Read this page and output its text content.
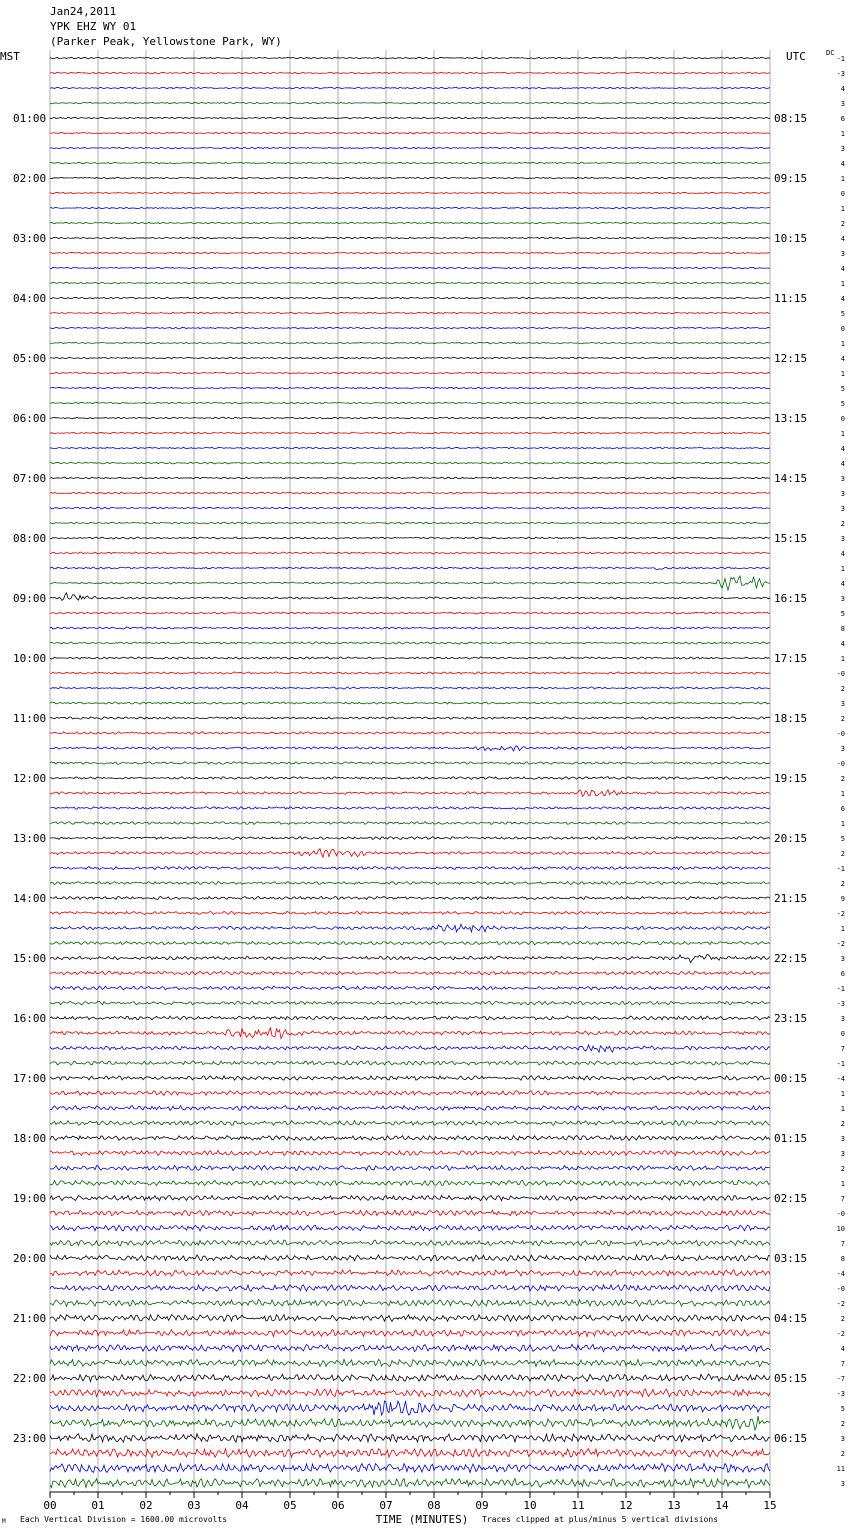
Jan24,2011
YPK EHZ WY 01
(Parker Peak, Yellowstone Park, WY)
MST	UTC	DC
00	01	02	03	04	05	06	07	08	09	10	11	12	13	14	15
01:00
02:00
03:00
04:00
05:00
06:00
07:00
08:00
09:00
10:00
11:00
12:00
13:00
14:00
15:00
16:00
17:00
18:00
19:00
20:00
21:00
22:00
23:00
08:15
09:15
10:15
11:15
12:15
13:15
14:15
15:15
16:15
17:15
18:15
19:15
20:15
21:15
22:15
23:15
00:15
01:15
02:15
03:15
04:15
05:15
06:15
-1
-3
4
3
6
1
3
4
1
0
1
2
4
3
4
1
4
5
0
1
4
1
5
5
0
1
4
4
3
3
3
2
3
4
1
4
3
5
8
4
1
-0
2
3
2
-0
3
-0
2
1
6
1
5
2
-1
2
9
-2
1
-2
3
6
-1
-3
3
0
7
-1
-4
1
1
2
3
3
2
1
7
-0
10
7
8
-4
-0
-2
2
-2
4
7
-7
-3
5
2
3
2
11
3
TIME (MINUTES)
M Each Vertical Division = 1600.00 microvolts	Traces clipped at plus/minus 5 vertical divisions
